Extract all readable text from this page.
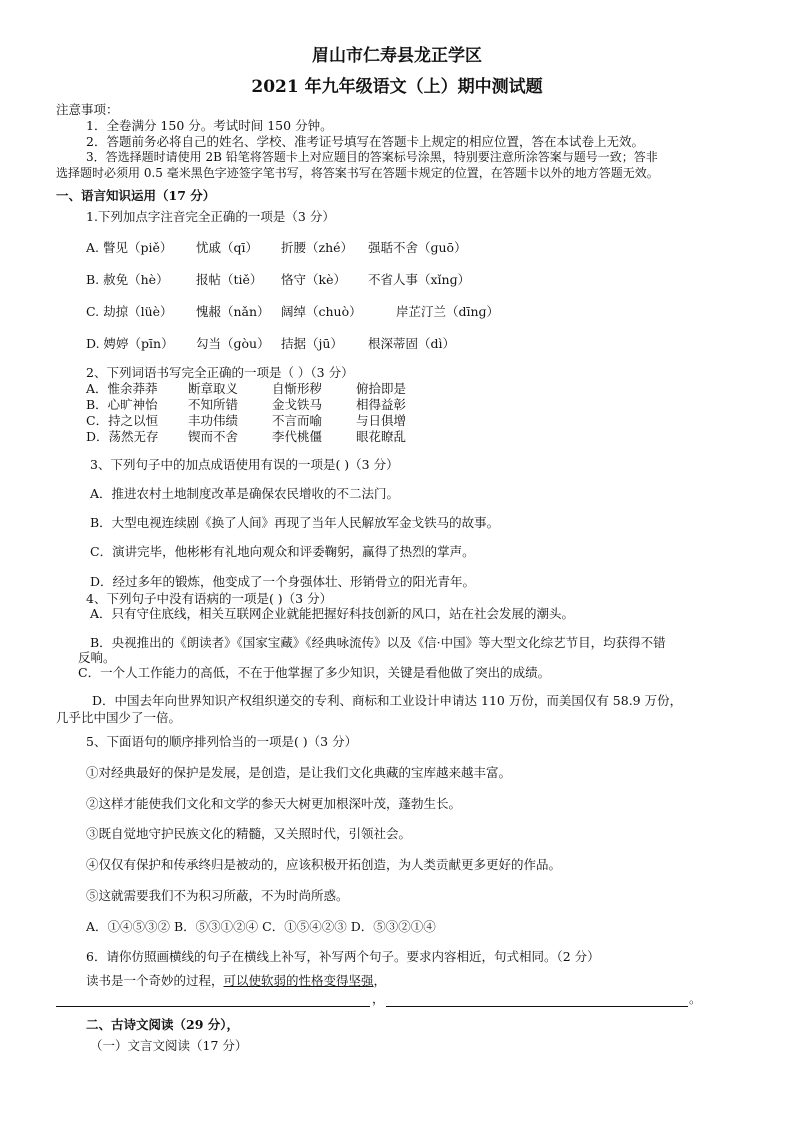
眉山市仁寿县龙正学区
2021 年九年级语文（上）期中测试题
注意事项：
1．全卷满分 150 分。考试时间 150 分钟。
2．答题前务必将自己的姓名、学校、准考证号填写在答题卡上规定的相应位置，答在本试卷上无效。
3．答选择题时请使用 2B 铅笔将答题卡上对应题目的答案标号涂黑，特别要注意所涂答案与题号一致；答非
选择题时必须用 0.5 毫米黑色字迹签字笔书写，将答案书写在答题卡规定的位置，在答题卡以外的地方答题无效。
一、语言知识运用（17 分）
1.下列加点字注音完全正确的一项是（3 分）
A. 瞥见（piě） 忧戚（qī） 折腰（zhé） 强聒不舍（ɡuō）
B. 赦免（hè） 报帖（tiě） 恪守（kè） 不省人事（xǐnɡ）
C. 劫掠（lüè） 愧赧（nǎn） 阔绰（chuò）	岸芷汀兰（dīnɡ）
D. 娉婷（pīn） 勾当（ɡòu） 拮据（jū） 根深蒂固（dì）
2、下列词语书写完全正确的一项是（ ）（3 分）
A．惟余莽莽 断章取义	自惭形秽	俯拾即是
B．心旷神怡 不知所错	金戈铁马	相得益彰
C．持之以恒 丰功伟绩	不言而喻	与日俱增
D．荡然无存 锲而不舍	李代桃僵	眼花瞭乱
3、下列句子中的加点成语使用有误的一项是( )（3 分）
A．推进农村土地制度改革是确保农民增收的不二法门。
B．大型电视连续剧《换了人间》再现了当年人民解放军金戈铁马的故事。
C．演讲完毕，他彬彬有礼地向观众和评委鞠躬，赢得了热烈的掌声。
D．经过多年的锻炼，他变成了一个身强体壮、形销骨立的阳光青年。
4、下列句子中没有语病的一项是( )（3 分）
A．只有守住底线，相关互联网企业就能把握好科技创新的风口，站在社会发展的潮头。
B．央视推出的《朗读者》《国家宝藏》《经典咏流传》以及《信·中国》等大型文化综艺节目，均获得不错
反响。
C．一个人工作能力的高低，不在于他掌握了多少知识，关键是看他做了突出的成绩。
D．中国去年向世界知识产权组织递交的专利、商标和工业设计申请达 110 万份，而美国仅有 58.9 万份，
几乎比中国少了一倍。
5、下面语句的顺序排列恰当的一项是( )（3 分）
①对经典最好的保护是发展，是创造，是让我们文化典藏的宝库越来越丰富。
②这样才能使我们文化和文学的参天大树更加根深叶茂，蓬勃生长。
③既自觉地守护民族文化的精髓，又关照时代，引领社会。
④仅仅有保护和传承终归是被动的，应该积极开拓创造，为人类贡献更多更好的作品。
⑤这就需要我们不为积习所蔽，不为时尚所惑。
A．①④⑤③② B．⑤③①②④ C．①⑤④②③ D．⑤③②①④
6．请你仿照画横线的句子在横线上补写，补写两个句子。要求内容相近，句式相同。（2 分）
读书是一个奇妙的过程，可以使软弱的性格变得坚强，
，	。
二、古诗文阅读（29 分），
（一）文言文阅读（17 分）
